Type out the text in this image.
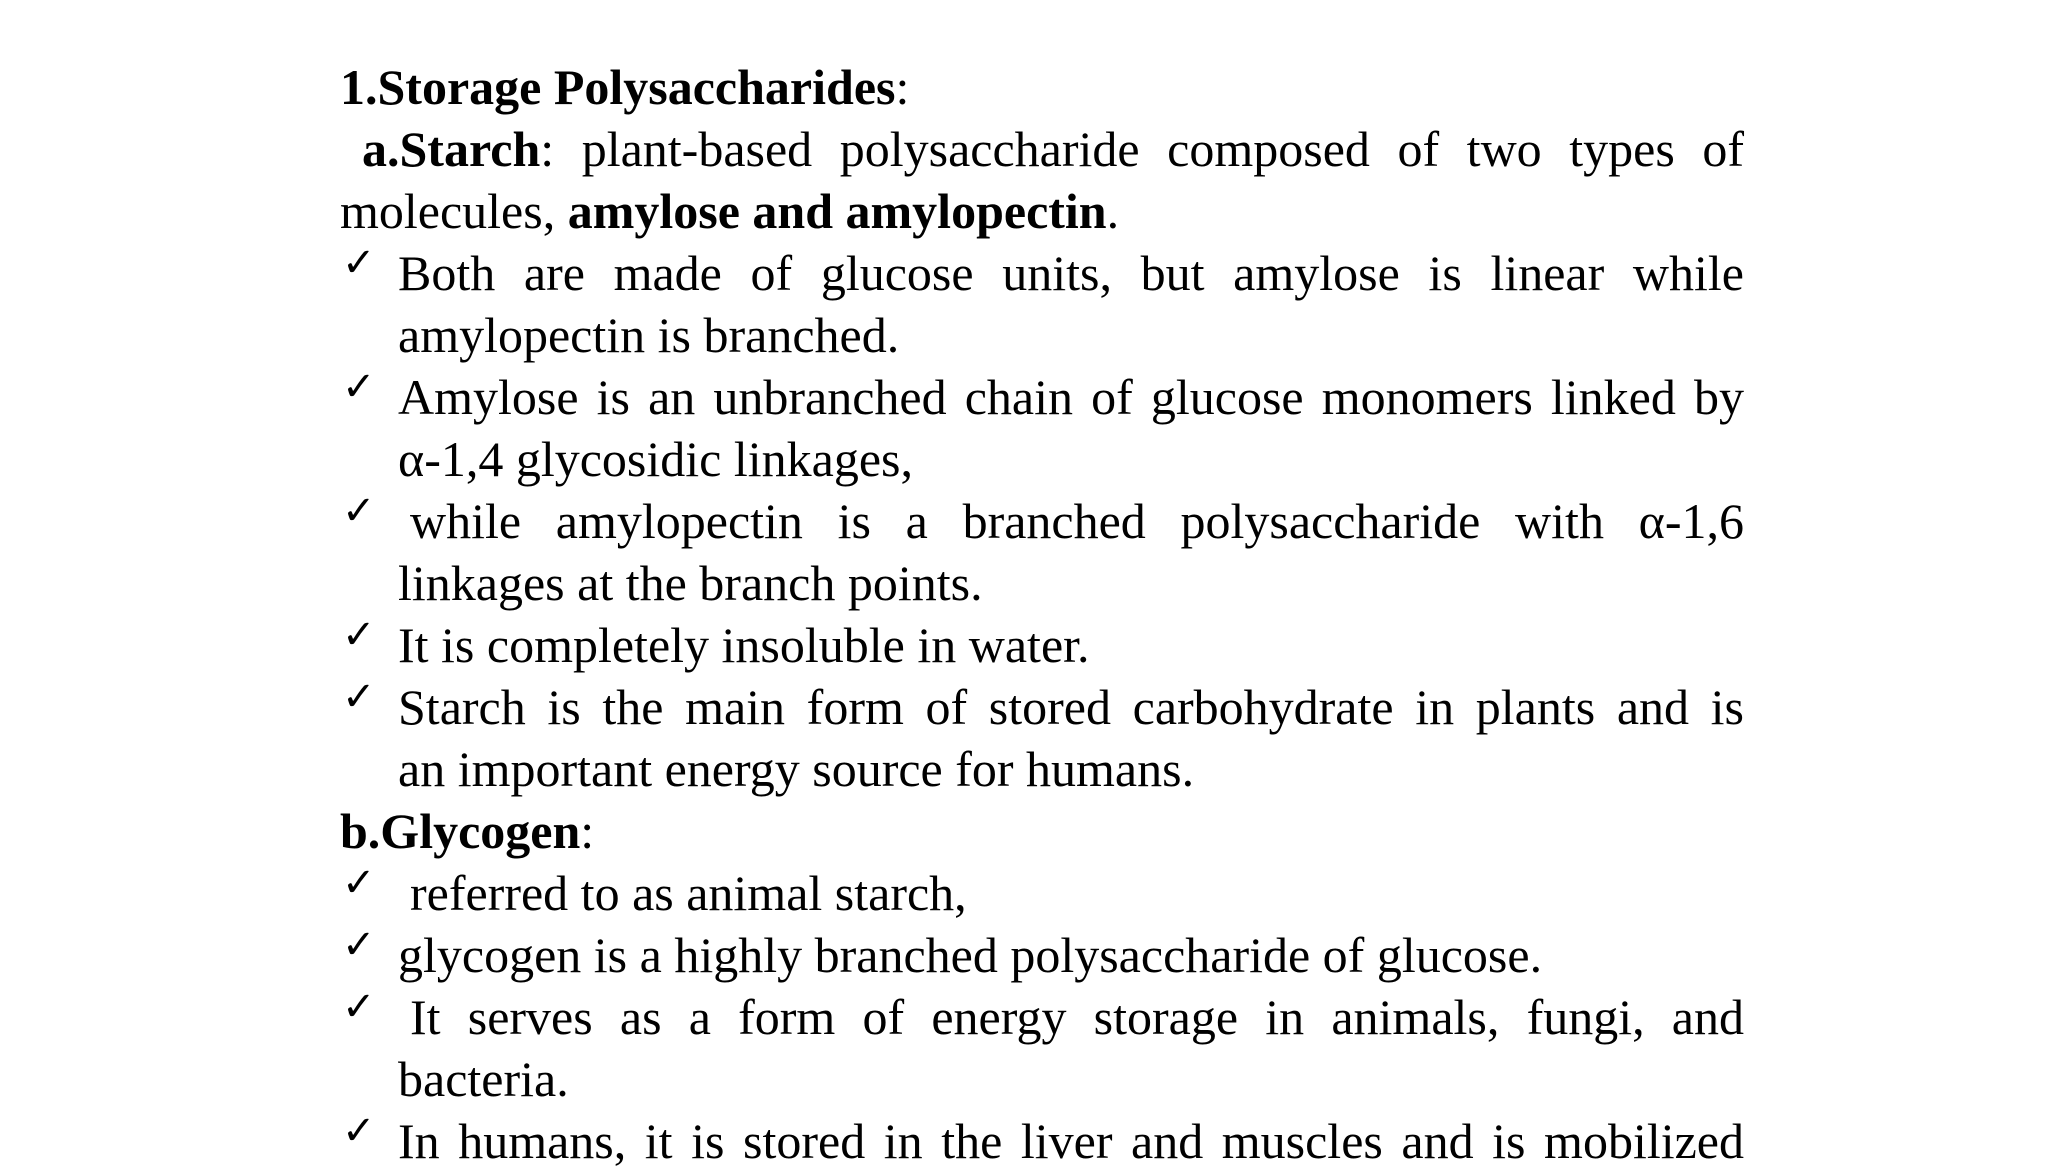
1.Storage Polysaccharides:
a.Starch: plant-based polysaccharide composed of two types of
molecules, amylose and amylopectin.
✓ Both are made of glucose units, but amylose is linear while
amylopectin is branched.
✓ Amylose is an unbranched chain of glucose monomers linked by
α-1,4 glycosidic linkages,
✓ while amylopectin is a branched polysaccharide with α-1,6
linkages at the branch points.
✓ It is completely insoluble in water.
✓ Starch is the main form of stored carbohydrate in plants and is
an important energy source for humans.
b.Glycogen:
✓ referred to as animal starch,
✓ glycogen is a highly branched polysaccharide of glucose.
✓ It serves as a form of energy storage in animals, fungi, and
bacteria.
✓ In humans, it is stored in the liver and muscles and is mobilized
